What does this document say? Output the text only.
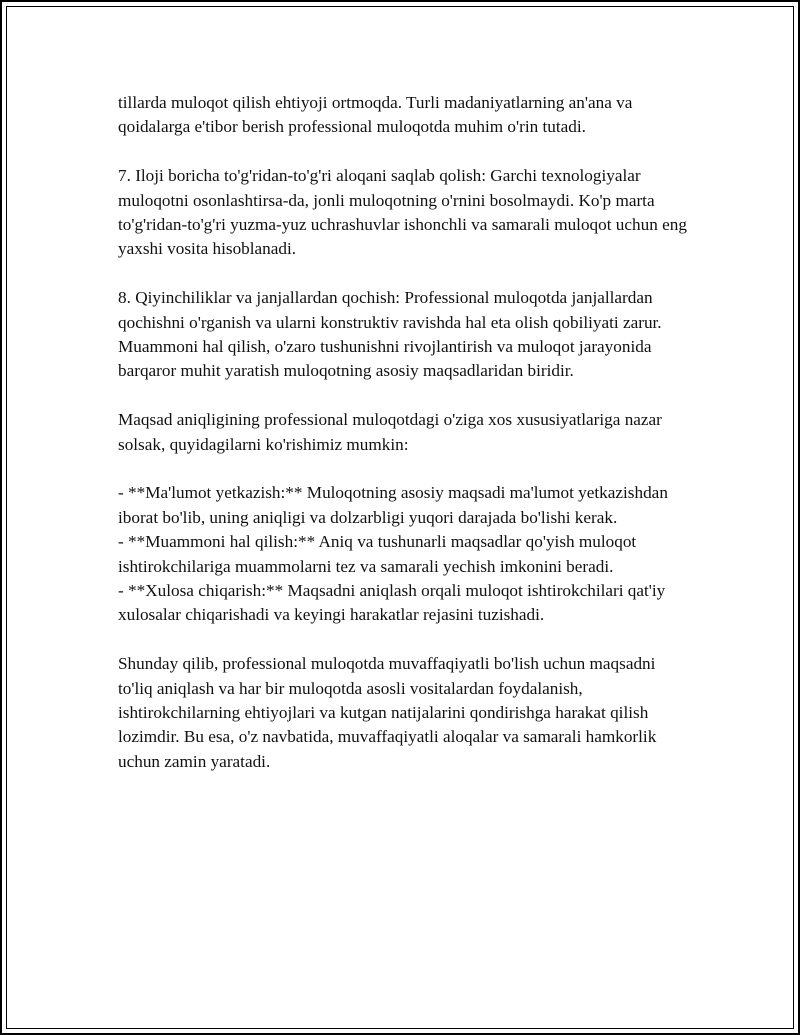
tillarda muloqot qilish ehtiyoji ortmoqda. Turli madaniyatlarning an'ana va qoidalarga e'tibor berish professional muloqotda muhim o'rin tutadi.

7. Iloji boricha to'g'ridan-to'g'ri aloqani saqlab qolish: Garchi texnologiyalar muloqotni osonlashtirsa-da, jonli muloqotning o'rnini bosolmaydi. Ko'p marta to'g'ridan-to'g'ri yuzma-yuz uchrashuvlar ishonchli va samarali muloqot uchun eng yaxshi vosita hisoblanadi.

8. Qiyinchiliklar va janjallardan qochish: Professional muloqotda janjallardan qochishni o'rganish va ularni konstruktiv ravishda hal eta olish qobiliyati zarur. Muammoni hal qilish, o'zaro tushunishni rivojlantirish va muloqot jarayonida barqaror muhit yaratish muloqotning asosiy maqsadlaridan biridir.

Maqsad aniqligining professional muloqotdagi o'ziga xos xususiyatlariga nazar solsak, quyidagilarni ko'rishimiz mumkin:

- **Ma'lumot yetkazish:** Muloqotning asosiy maqsadi ma'lumot yetkazishdan iborat bo'lib, uning aniqligi va dolzarbligi yuqori darajada bo'lishi kerak.

- **Muammoni hal qilish:** Aniq va tushunarli maqsadlar qo'yish muloqot ishtirokchilariga muammolarni tez va samarali yechish imkonini beradi.

- **Xulosa chiqarish:** Maqsadni aniqlash orqali muloqot ishtirokchilari qat'iy xulosalar chiqarishadi va keyingi harakatlar rejasini tuzishadi.

Shunday qilib, professional muloqotda muvaffaqiyatli bo'lish uchun maqsadni to'liq aniqlash va har bir muloqotda asosli vositalardan foydalanish, ishtirokchilarning ehtiyojlari va kutgan natijalarini qondirishga harakat qilish lozimdir. Bu esa, o'z navbatida, muvaffaqiyatli aloqalar va samarali hamkorlik uchun zamin yaratadi.
